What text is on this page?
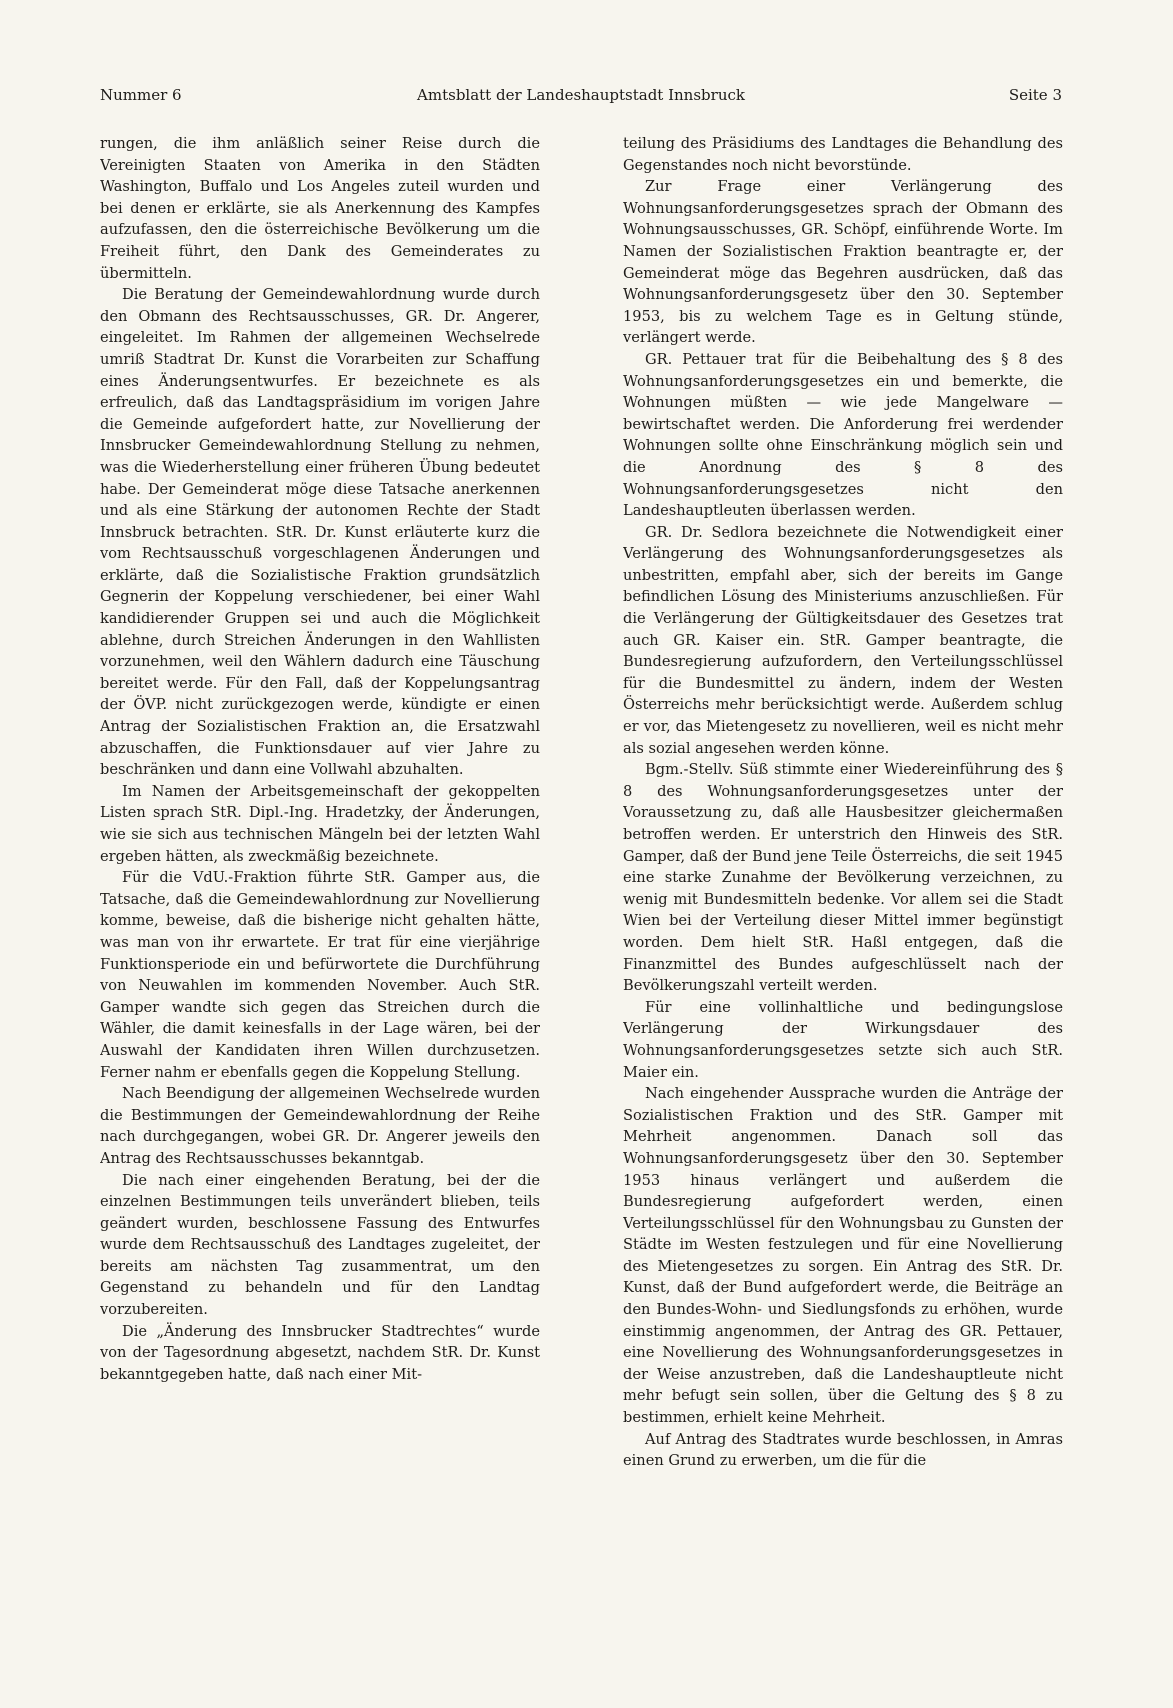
Nummer 6	Amtsblatt der Landeshauptstadt Innsbruck	Seite 3

rungen, die ihm anläßlich seiner Reise durch die Vereinigten Staaten von Amerika in den Städten Washington, Buffalo und Los Angeles zuteil wurden und bei denen er erklärte, sie als Anerkennung des Kampfes aufzufassen, den die österreichische Bevölkerung um die Freiheit führt, den Dank des Gemeinderates zu übermitteln.

Die Beratung der Gemeindewahlordnung wurde durch den Obmann des Rechtsausschusses, GR. Dr. Angerer, eingeleitet. Im Rahmen der allgemeinen Wechselrede umriß Stadtrat Dr. Kunst die Vorarbeiten zur Schaffung eines Änderungsentwurfes. Er bezeichnete es als erfreulich, daß das Landtagspräsidium im vorigen Jahre die Gemeinde aufgefordert hatte, zur Novellierung der Innsbrucker Gemeindewahlordnung Stellung zu nehmen, was die Wiederherstellung einer früheren Übung bedeutet habe. Der Gemeinderat möge diese Tatsache anerkennen und als eine Stärkung der autonomen Rechte der Stadt Innsbruck betrachten. StR. Dr. Kunst erläuterte kurz die vom Rechtsausschuß vorgeschlagenen Änderungen und erklärte, daß die Sozialistische Fraktion grundsätzlich Gegnerin der Koppelung verschiedener, bei einer Wahl kandidierender Gruppen sei und auch die Möglichkeit ablehne, durch Streichen Änderungen in den Wahllisten vorzunehmen, weil den Wählern dadurch eine Täuschung bereitet werde. Für den Fall, daß der Koppelungsantrag der ÖVP. nicht zurückgezogen werde, kündigte er einen Antrag der Sozialistischen Fraktion an, die Ersatzwahl abzuschaffen, die Funktionsdauer auf vier Jahre zu beschränken und dann eine Vollwahl abzuhalten.

Im Namen der Arbeitsgemeinschaft der gekoppelten Listen sprach StR. Dipl.-Ing. Hradetzky, der Änderungen, wie sie sich aus technischen Mängeln bei der letzten Wahl ergeben hätten, als zweckmäßig bezeichnete.

Für die VdU.-Fraktion führte StR. Gamper aus, die Tatsache, daß die Gemeindewahlordnung zur Novellierung komme, beweise, daß die bisherige nicht gehalten hätte, was man von ihr erwartete. Er trat für eine vierjährige Funktionsperiode ein und befürwortete die Durchführung von Neuwahlen im kommenden November. Auch StR. Gamper wandte sich gegen das Streichen durch die Wähler, die damit keinesfalls in der Lage wären, bei der Auswahl der Kandidaten ihren Willen durchzusetzen. Ferner nahm er ebenfalls gegen die Koppelung Stellung.

Nach Beendigung der allgemeinen Wechselrede wurden die Bestimmungen der Gemeindewahlordnung der Reihe nach durchgegangen, wobei GR. Dr. Angerer jeweils den Antrag des Rechtsausschusses bekanntgab.

Die nach einer eingehenden Beratung, bei der die einzelnen Bestimmungen teils unverändert blieben, teils geändert wurden, beschlossene Fassung des Entwurfes wurde dem Rechtsausschuß des Landtages zugeleitet, der bereits am nächsten Tag zusammentrat, um den Gegenstand zu behandeln und für den Landtag vorzubereiten.

Die „Änderung des Innsbrucker Stadtrechtes“ wurde von der Tagesordnung abgesetzt, nachdem StR. Dr. Kunst bekanntgegeben hatte, daß nach einer Mit-

teilung des Präsidiums des Landtages die Behandlung des Gegenstandes noch nicht bevorstünde.

Zur Frage einer Verlängerung des Wohnungsanforderungsgesetzes sprach der Obmann des Wohnungsausschusses, GR. Schöpf, einführende Worte. Im Namen der Sozialistischen Fraktion beantragte er, der Gemeinderat möge das Begehren ausdrücken, daß das Wohnungsanforderungsgesetz über den 30. September 1953, bis zu welchem Tage es in Geltung stünde, verlängert werde.

GR. Pettauer trat für die Beibehaltung des § 8 des Wohnungsanforderungsgesetzes ein und bemerkte, die Wohnungen müßten — wie jede Mangelware — bewirtschaftet werden. Die Anforderung frei werdender Wohnungen sollte ohne Einschränkung möglich sein und die Anordnung des § 8 des Wohnungsanforderungsgesetzes nicht den Landeshauptleuten überlassen werden.

GR. Dr. Sedlora bezeichnete die Notwendigkeit einer Verlängerung des Wohnungsanforderungsgesetzes als unbestritten, empfahl aber, sich der bereits im Gange befindlichen Lösung des Ministeriums anzuschließen. Für die Verlängerung der Gültigkeitsdauer des Gesetzes trat auch GR. Kaiser ein. StR. Gamper beantragte, die Bundesregierung aufzufordern, den Verteilungsschlüssel für die Bundesmittel zu ändern, indem der Westen Österreichs mehr berücksichtigt werde. Außerdem schlug er vor, das Mietengesetz zu novellieren, weil es nicht mehr als sozial angesehen werden könne.

Bgm.-Stellv. Süß stimmte einer Wiedereinführung des § 8 des Wohnungsanforderungsgesetzes unter der Voraussetzung zu, daß alle Hausbesitzer gleichermaßen betroffen werden. Er unterstrich den Hinweis des StR. Gamper, daß der Bund jene Teile Österreichs, die seit 1945 eine starke Zunahme der Bevölkerung verzeichnen, zu wenig mit Bundesmitteln bedenke. Vor allem sei die Stadt Wien bei der Verteilung dieser Mittel immer begünstigt worden. Dem hielt StR. Haßl entgegen, daß die Finanzmittel des Bundes aufgeschlüsselt nach der Bevölkerungszahl verteilt werden.

Für eine vollinhaltliche und bedingungslose Verlängerung der Wirkungsdauer des Wohnungsanforderungsgesetzes setzte sich auch StR. Maier ein.

Nach eingehender Aussprache wurden die Anträge der Sozialistischen Fraktion und des StR. Gamper mit Mehrheit angenommen. Danach soll das Wohnungsanforderungsgesetz über den 30. September 1953 hinaus verlängert und außerdem die Bundesregierung aufgefordert werden, einen Verteilungsschlüssel für den Wohnungsbau zu Gunsten der Städte im Westen festzulegen und für eine Novellierung des Mietengesetzes zu sorgen. Ein Antrag des StR. Dr. Kunst, daß der Bund aufgefordert werde, die Beiträge an den Bundes-Wohn- und Siedlungsfonds zu erhöhen, wurde einstimmig angenommen, der Antrag des GR. Pettauer, eine Novellierung des Wohnungsanforderungsgesetzes in der Weise anzustreben, daß die Landeshauptleute nicht mehr befugt sein sollen, über die Geltung des § 8 zu bestimmen, erhielt keine Mehrheit.

Auf Antrag des Stadtrates wurde beschlossen, in Amras einen Grund zu erwerben, um die für die
